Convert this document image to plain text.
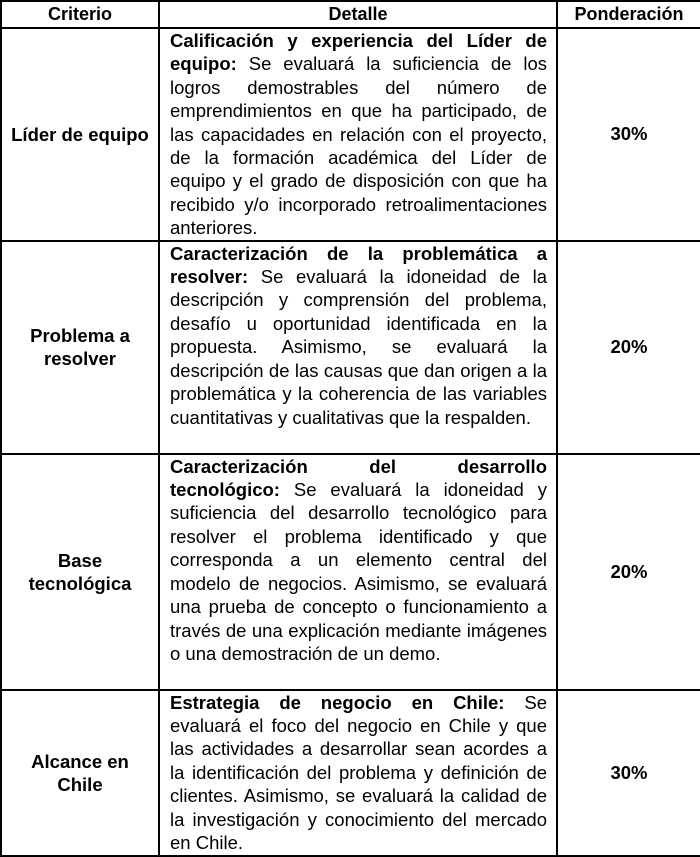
Criterio	Detalle	Ponderación
Líder de equipo	Calificación y experiencia del Líder de equipo: Se evaluará la suficiencia de los logros demostrables del número de emprendimientos en que ha participado, de las capacidades en relación con el proyecto, de la formación académica del Líder de equipo y el grado de disposición con que ha recibido y/o incorporado retroalimentaciones anteriores.	30%
Problema a resolver	Caracterización de la problemática a resolver: Se evaluará la idoneidad de la descripción y comprensión del problema, desafío u oportunidad identificada en la propuesta. Asimismo, se evaluará la descripción de las causas que dan origen a la problemática y la coherencia de las variables cuantitativas y cualitativas que la respalden.	20%
Base tecnológica	Caracterización del desarrollo tecnológico: Se evaluará la idoneidad y suficiencia del desarrollo tecnológico para resolver el problema identificado y que corresponda a un elemento central del modelo de negocios. Asimismo, se evaluará una prueba de concepto o funcionamiento a través de una explicación mediante imágenes o una demostración de un demo.	20%
Alcance en Chile	Estrategia de negocio en Chile: Se evaluará el foco del negocio en Chile y que las actividades a desarrollar sean acordes a la identificación del problema y definición de clientes. Asimismo, se evaluará la calidad de la investigación y conocimiento del mercado en Chile.	30%
